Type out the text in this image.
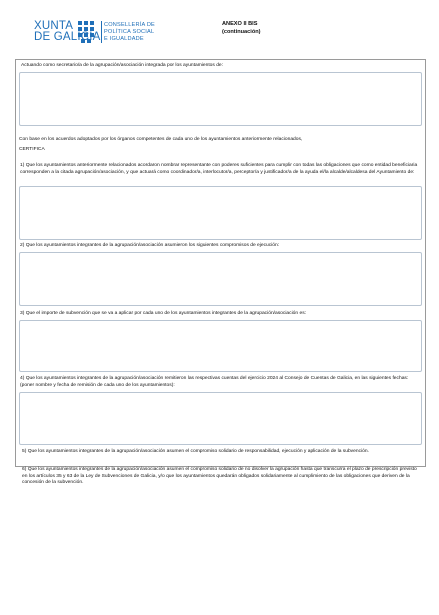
XUNTA
DE GALICIA
CONSELLERÍA DE
POLÍTICA SOCIAL
E IGUALDADE
ANEXO II BIS
(continuación)
Actuando como secretario/a de la agrupación/asociación integrada por los ayuntamientos de:
Con base en los acuerdos adoptados por los órganos competentes de cada uno de los ayuntamientos anteriormente relacionados,
CERTIFICA
1) Que los ayuntamientos anteriormente relacionados acordaron nombrar representante con poderes suficientes para cumplir con todas las obligaciones que como entidad beneficiaria corresponden a la citada agrupación/asociación, y que actuará como coordinador/a, interlocutor/a, perceptor/a y justificador/a de la ayuda el/la alcalde/alcaldesa del Ayuntamiento de:
2) Que los ayuntamientos integrantes de la agrupación/asociación asumieron los siguientes compromisos de ejecución:
3) Que el importe de subvención que se va a aplicar por cada uno de los ayuntamientos integrantes de la agrupación/asociación es:
4) Que los ayuntamientos integrantes de la agrupación/asociación remitieron las respectivas cuentas del ejercicio 2024 al Consejo de Cuentas de Galicia, en las siguientes fechas: (poner nombre y fecha de remisión de cada uno de los ayuntamientos):
5) Que los ayuntamientos integrantes de la agrupación/asociación asumen el compromiso solidario de responsabilidad, ejecución y aplicación de la subvención.
6) Que los ayuntamientos integrantes de la agrupación/asociación asumen el compromiso solidario de no disolver la agrupación hasta que transcurra el plazo de prescripción previsto en los artículos 35 y 63 de la Ley de Subvenciones de Galicia, y/o que los ayuntamientos quedarán obligados solidariamente al cumplimiento de las obligaciones que deriven de la concesión de la subvención.
